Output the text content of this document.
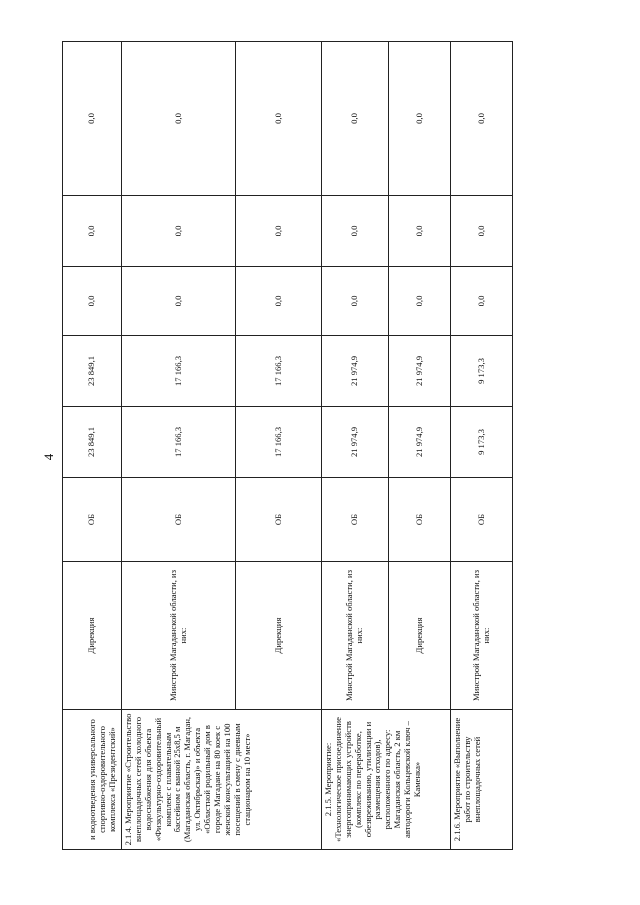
4
и водоотведения универсального спортивно-оздоровительного комплекса «Президентский»	Дирекция	ОБ	23 849,1	23 849,1	0,0	0,0	0,0
2.1.4. Мероприятие «Строительство внеплощадочных сетей холодного водоснабжения для объекта «Физкультурно-оздоровительный комплекс с плавательным бассейном с ванной 25х8,5 м (Магаданская область, г. Магадан, ул. Октябрьская)» и объекта «Областной родильный дом в городе Магадане на 80 коек с женской консультацией на 100 посещений в смену с дневным стационаром на 10 мест»	Минстрой Магаданской области, из них:	ОБ	17 166,3	17 166,3	0,0	0,0	0,0
	Дирекция	ОБ	17 166,3	17 166,3	0,0	0,0	0,0
2.1.5. Мероприятие: «Технологическое присоединение энергопринимающих устройств (комплекс по переработке, обезвреживанию, утилизации и размещения отходов), расположенного по адресу: Магаданская область, 2 км автодороги Кольцевской ключ – Каменка»	Минстрой Магаданской области, из них:	ОБ	21 974,9	21 974,9	0,0	0,0	0,0
	Дирекция	ОБ	21 974,9	21 974,9	0,0	0,0	0,0
2.1.6. Мероприятие «Выполнение работ по строительству внеплощадочных сетей	Минстрой Магаданской области, из них:	ОБ	9 173,3	9 173,3	0,0	0,0	0,0
